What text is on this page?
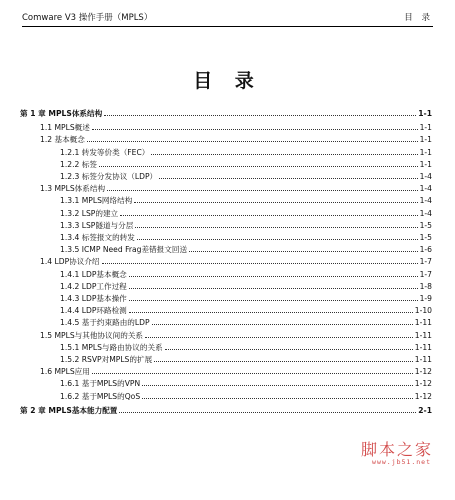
Comware V3 操作手册（MPLS）	目 录
目 录
第 1 章 MPLS体系结构	1-1
1.1 MPLS概述	1-1
1.2 基本概念	1-1
1.2.1 转发等价类（FEC）	1-1
1.2.2 标签	1-1
1.2.3 标签分发协议（LDP）	1-4
1.3 MPLS体系结构	1-4
1.3.1 MPLS网络结构	1-4
1.3.2 LSP的建立	1-4
1.3.3 LSP隧道与分层	1-5
1.3.4 标签报文的转发	1-5
1.3.5 ICMP Need Frag差错报文回送	1-6
1.4 LDP协议介绍	1-7
1.4.1 LDP基本概念	1-7
1.4.2 LDP工作过程	1-8
1.4.3 LDP基本操作	1-9
1.4.4 LDP环路检测	1-10
1.4.5 基于约束路由的LDP	1-11
1.5 MPLS与其他协议间的关系	1-11
1.5.1 MPLS与路由协议的关系	1-11
1.5.2 RSVP对MPLS的扩展	1-11
1.6 MPLS应用	1-12
1.6.1 基于MPLS的VPN	1-12
1.6.2 基于MPLS的QoS	1-12
第 2 章 MPLS基本能力配置	2-1
脚本之家
www.jb51.net
